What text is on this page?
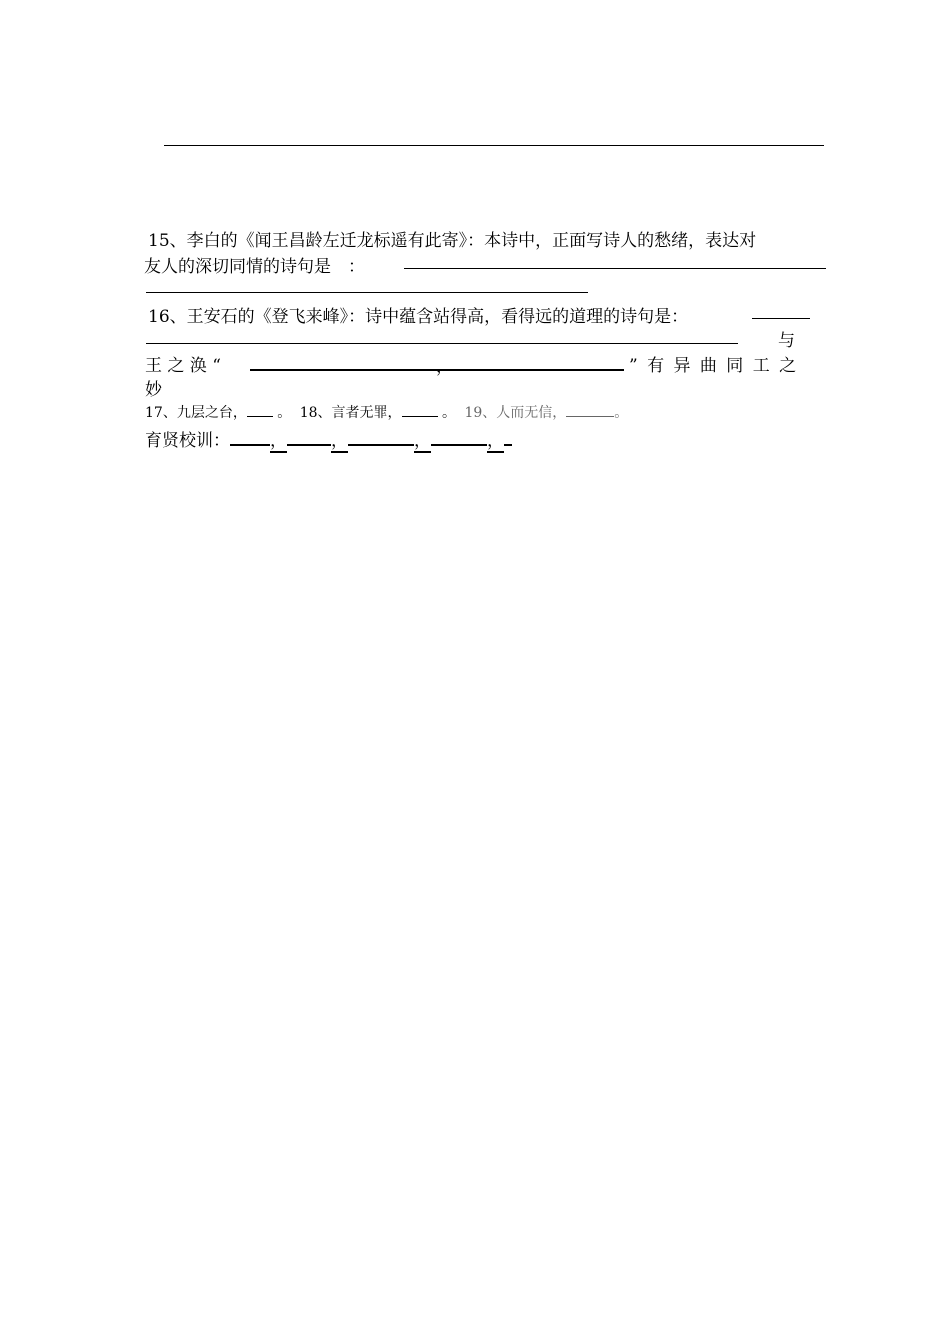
15、李白的《闻王昌龄左迁龙标遥有此寄》：本诗中，正面写诗人的愁绪，表达对
友人的深切同情的诗句是　：
16、王安石的《登飞来峰》：诗中蕴含站得高，看得远的道理的诗句是：
与
王 之 涣 “	，	” 有 异 曲 同 工 之
妙
17、九层之台， 。 18、言者无罪，	。 19、人而无信，	。
育贤校训： ，	，	，	，
